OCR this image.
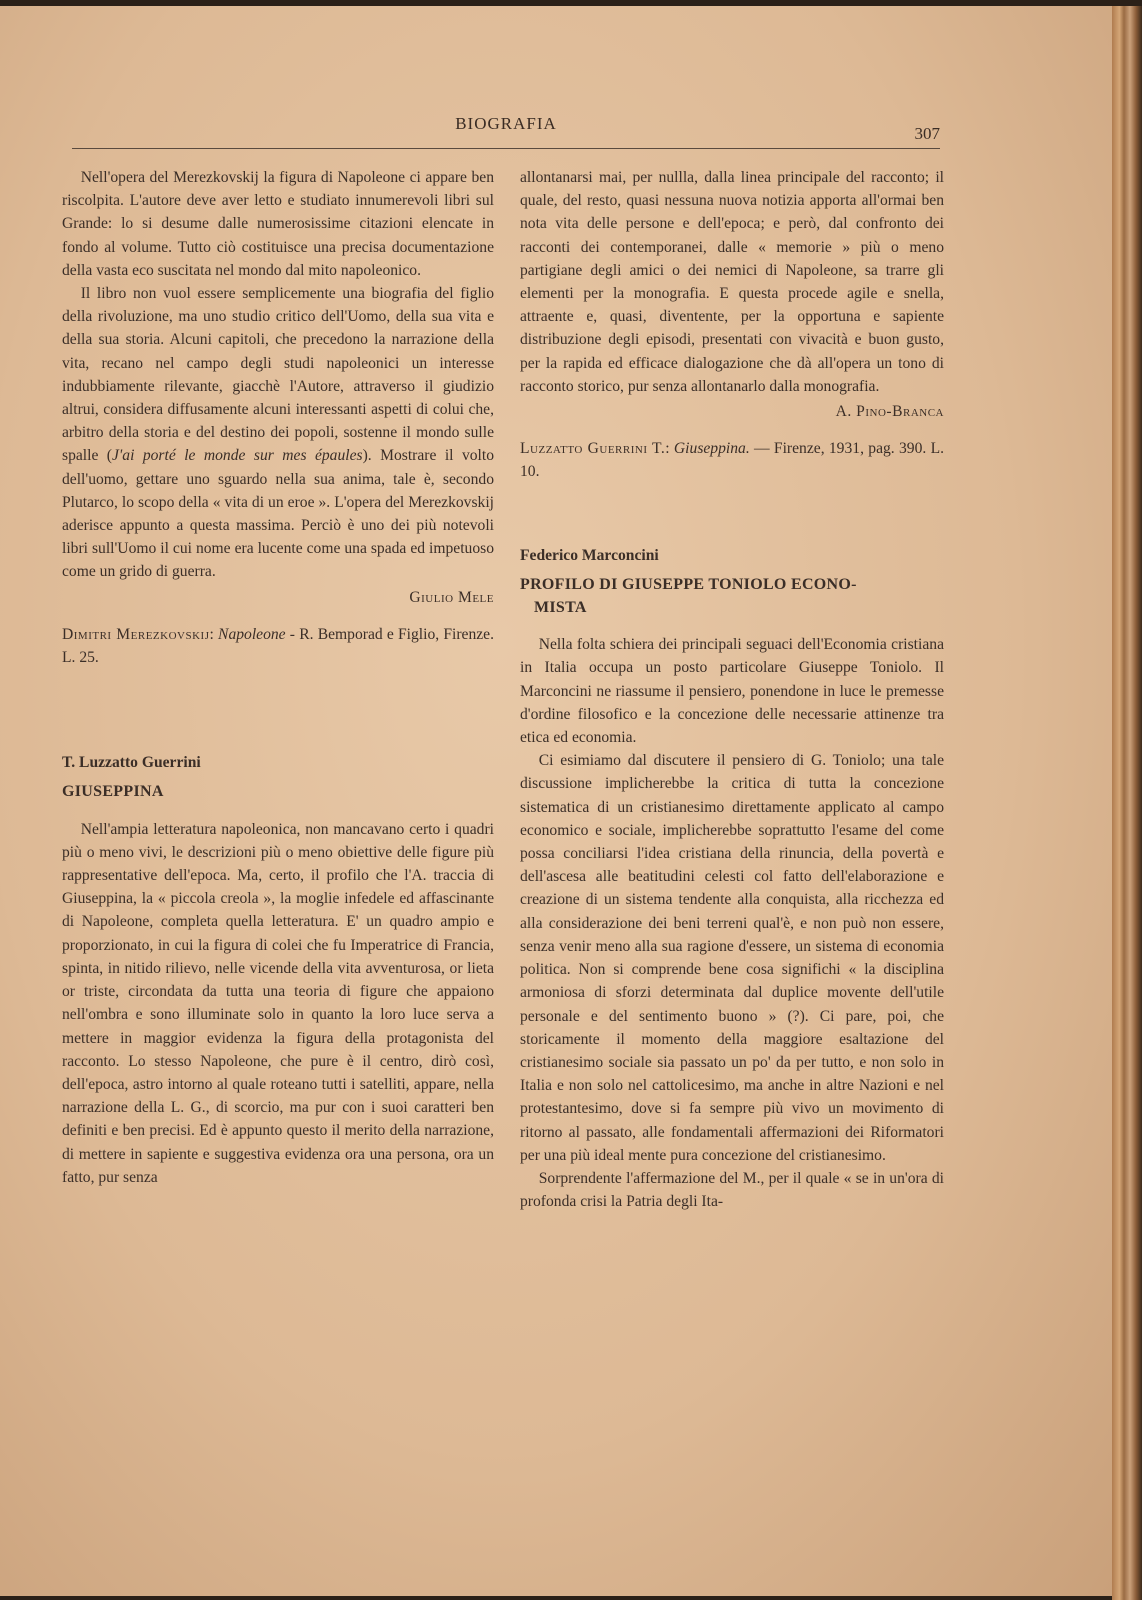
BIOGRAFIA
307

Nell'opera del Merezkovskij la figura di Napoleone ci appare ben riscolpita. L'autore deve aver letto e studiato innumerevoli libri sul Grande: lo si desume dalle numerosissime citazioni elencate in fondo al volume. Tutto ciò costituisce una precisa documentazione della vasta eco suscitata nel mondo dal mito napoleonico.

Il libro non vuol essere semplicemente una biografia del figlio della rivoluzione, ma uno studio critico dell'Uomo, della sua vita e della sua storia. Alcuni capitoli, che precedono la narrazione della vita, recano nel campo degli studi napoleonici un interesse indubbiamente rilevante, giacchè l'Autore, attraverso il giudizio altrui, considera diffusamente alcuni interessanti aspetti di colui che, arbitro della storia e del destino dei popoli, sostenne il mondo sulle spalle (J'ai porté le monde sur mes épaules). Mostrare il volto dell'uomo, gettare uno sguardo nella sua anima, tale è, secondo Plutarco, lo scopo della « vita di un eroe ». L'opera del Merezkovskij aderisce appunto a questa massima. Perciò è uno dei più notevoli libri sull'Uomo il cui nome era lucente come una spada ed impetuoso come un grido di guerra.

Giulio Mele
Dimitri Merezkovskij: Napoleone - R. Bemporad e Figlio, Firenze. L. 25.
T. Luzzatto Guerrini
GIUSEPPINA

Nell'ampia letteratura napoleonica, non mancavano certo i quadri più o meno vivi, le descrizioni più o meno obiettive delle figure più rappresentative dell'epoca. Ma, certo, il profilo che l'A. traccia di Giuseppina, la « piccola creola », la moglie infedele ed affascinante di Napoleone, completa quella letteratura. E' un quadro ampio e proporzionato, in cui la figura di colei che fu Imperatrice di Francia, spinta, in nitido rilievo, nelle vicende della vita avventurosa, or lieta or triste, circondata da tutta una teoria di figure che appaiono nell'ombra e sono illuminate solo in quanto la loro luce serva a mettere in maggior evidenza la figura della protagonista del racconto. Lo stesso Napoleone, che pure è il centro, dirò così, dell'epoca, astro intorno al quale roteano tutti i satelliti, appare, nella narrazione della L. G., di scorcio, ma pur con i suoi caratteri ben definiti e ben precisi. Ed è appunto questo il merito della narrazione, di mettere in sapiente e suggestiva evidenza ora una persona, ora un fatto, pur senza

allontanarsi mai, per nullla, dalla linea principale del racconto; il quale, del resto, quasi nessuna nuova notizia apporta all'ormai ben nota vita delle persone e dell'epoca; e però, dal confronto dei racconti dei contemporanei, dalle « memorie » più o meno partigiane degli amici o dei nemici di Napoleone, sa trarre gli elementi per la monografia. E questa procede agile e snella, attraente e, quasi, diventente, per la opportuna e sapiente distribuzione degli episodi, presentati con vivacità e buon gusto, per la rapida ed efficace dialogazione che dà all'opera un tono di racconto storico, pur senza allontanarlo dalla monografia.

A. Pino-Branca
Luzzatto Guerrini T.: Giuseppina. — Firenze, 1931, pag. 390. L. 10.
Federico Marconcini
PROFILO DI GIUSEPPE TONIOLO ECONO-
MISTA

Nella folta schiera dei principali seguaci dell'Economia cristiana in Italia occupa un posto particolare Giuseppe Toniolo. Il Marconcini ne riassume il pensiero, ponendone in luce le premesse d'ordine filosofico e la concezione delle necessarie attinenze tra etica ed economia.

Ci esimiamo dal discutere il pensiero di G. Toniolo; una tale discussione implicherebbe la critica di tutta la concezione sistematica di un cristianesimo direttamente applicato al campo economico e sociale, implicherebbe soprattutto l'esame del come possa conciliarsi l'idea cristiana della rinuncia, della povertà e dell'ascesa alle beatitudini celesti col fatto dell'elaborazione e creazione di un sistema tendente alla conquista, alla ricchezza ed alla considerazione dei beni terreni qual'è, e non può non essere, senza venir meno alla sua ragione d'essere, un sistema di economia politica. Non si comprende bene cosa significhi « la disciplina armoniosa di sforzi determinata dal duplice movente dell'utile personale e del sentimento buono » (?). Ci pare, poi, che storicamente il momento della maggiore esaltazione del cristianesimo sociale sia passato un po' da per tutto, e non solo in Italia e non solo nel cattolicesimo, ma anche in altre Nazioni e nel protestantesimo, dove si fa sempre più vivo un movimento di ritorno al passato, alle fondamentali affermazioni dei Riformatori per una più ideal mente pura concezione del cristianesimo.

Sorprendente l'affermazione del M., per il quale « se in un'ora di profonda crisi la Patria degli Ita-
